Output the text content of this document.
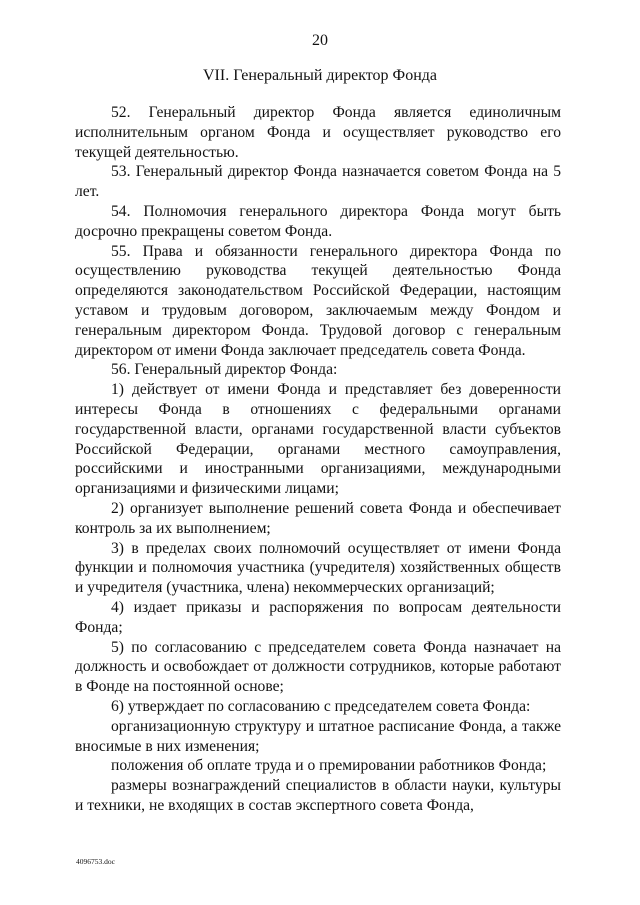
20
VII. Генеральный директор Фонда

52. Генеральный директор Фонда является единоличным исполнительным органом Фонда и осуществляет руководство его текущей деятельностью.

53. Генеральный директор Фонда назначается советом Фонда на 5 лет.

54. Полномочия генерального директора Фонда могут быть досрочно прекращены советом Фонда.

55. Права и обязанности генерального директора Фонда по осуществлению руководства текущей деятельностью Фонда определяются законодательством Российской Федерации, настоящим уставом и трудовым договором, заключаемым между Фондом и генеральным директором Фонда. Трудовой договор с генеральным директором от имени Фонда заключает председатель совета Фонда.

56. Генеральный директор Фонда:

1) действует от имени Фонда и представляет без доверенности интересы Фонда в отношениях с федеральными органами государственной власти, органами государственной власти субъектов Российской Федерации, органами местного самоуправления, российскими и иностранными организациями, международными организациями и физическими лицами;

2) организует выполнение решений совета Фонда и обеспечивает контроль за их выполнением;

3) в пределах своих полномочий осуществляет от имени Фонда функции и полномочия участника (учредителя) хозяйственных обществ и учредителя (участника, члена) некоммерческих организаций;

4) издает приказы и распоряжения по вопросам деятельности Фонда;

5) по согласованию с председателем совета Фонда назначает на должность и освобождает от должности сотрудников, которые работают в Фонде на постоянной основе;

6) утверждает по согласованию с председателем совета Фонда:

организационную структуру и штатное расписание Фонда, а также вносимые в них изменения;

положения об оплате труда и о премировании работников Фонда;

размеры вознаграждений специалистов в области науки, культуры и техники, не входящих в состав экспертного совета Фонда,

4096753.doc
